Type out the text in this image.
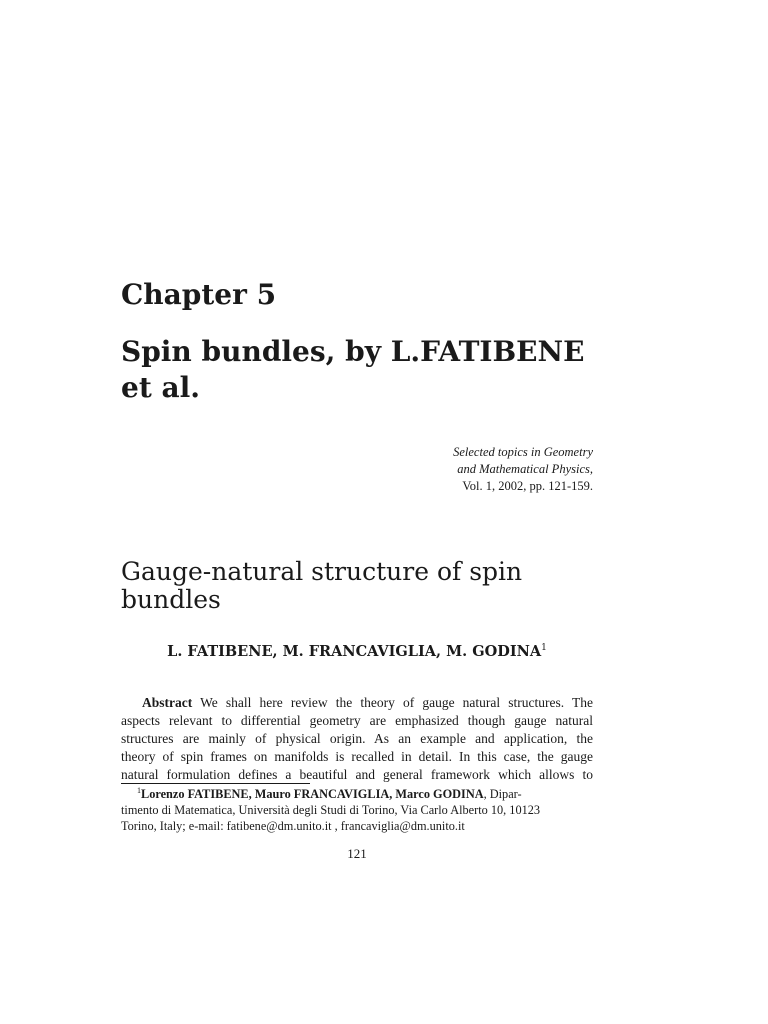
Chapter 5
Spin bundles, by L.FATIBENE
et al.
Selected topics in Geometry
and Mathematical Physics,
Vol. 1, 2002, pp. 121-159.
Gauge-natural structure of spin
bundles
L. FATIBENE, M. FRANCAVIGLIA, M. GODINA$^1$
Abstract We shall here review the theory of gauge natural structures. The
aspects relevant to differential geometry are emphasized though gauge natural
structures are mainly of physical origin. As an example and application, the
theory of spin frames on manifolds is recalled in detail. In this case, the gauge
natural formulation defines a beautiful and general framework which allows to
$^1$Lorenzo FATIBENE, Mauro FRANCAVIGLIA, Marco GODINA, Dipar-
timento di Matematica, Università degli Studi di Torino, Via Carlo Alberto 10, 10123
Torino, Italy; e-mail: fatibene@dm.unito.it , francaviglia@dm.unito.it
121
